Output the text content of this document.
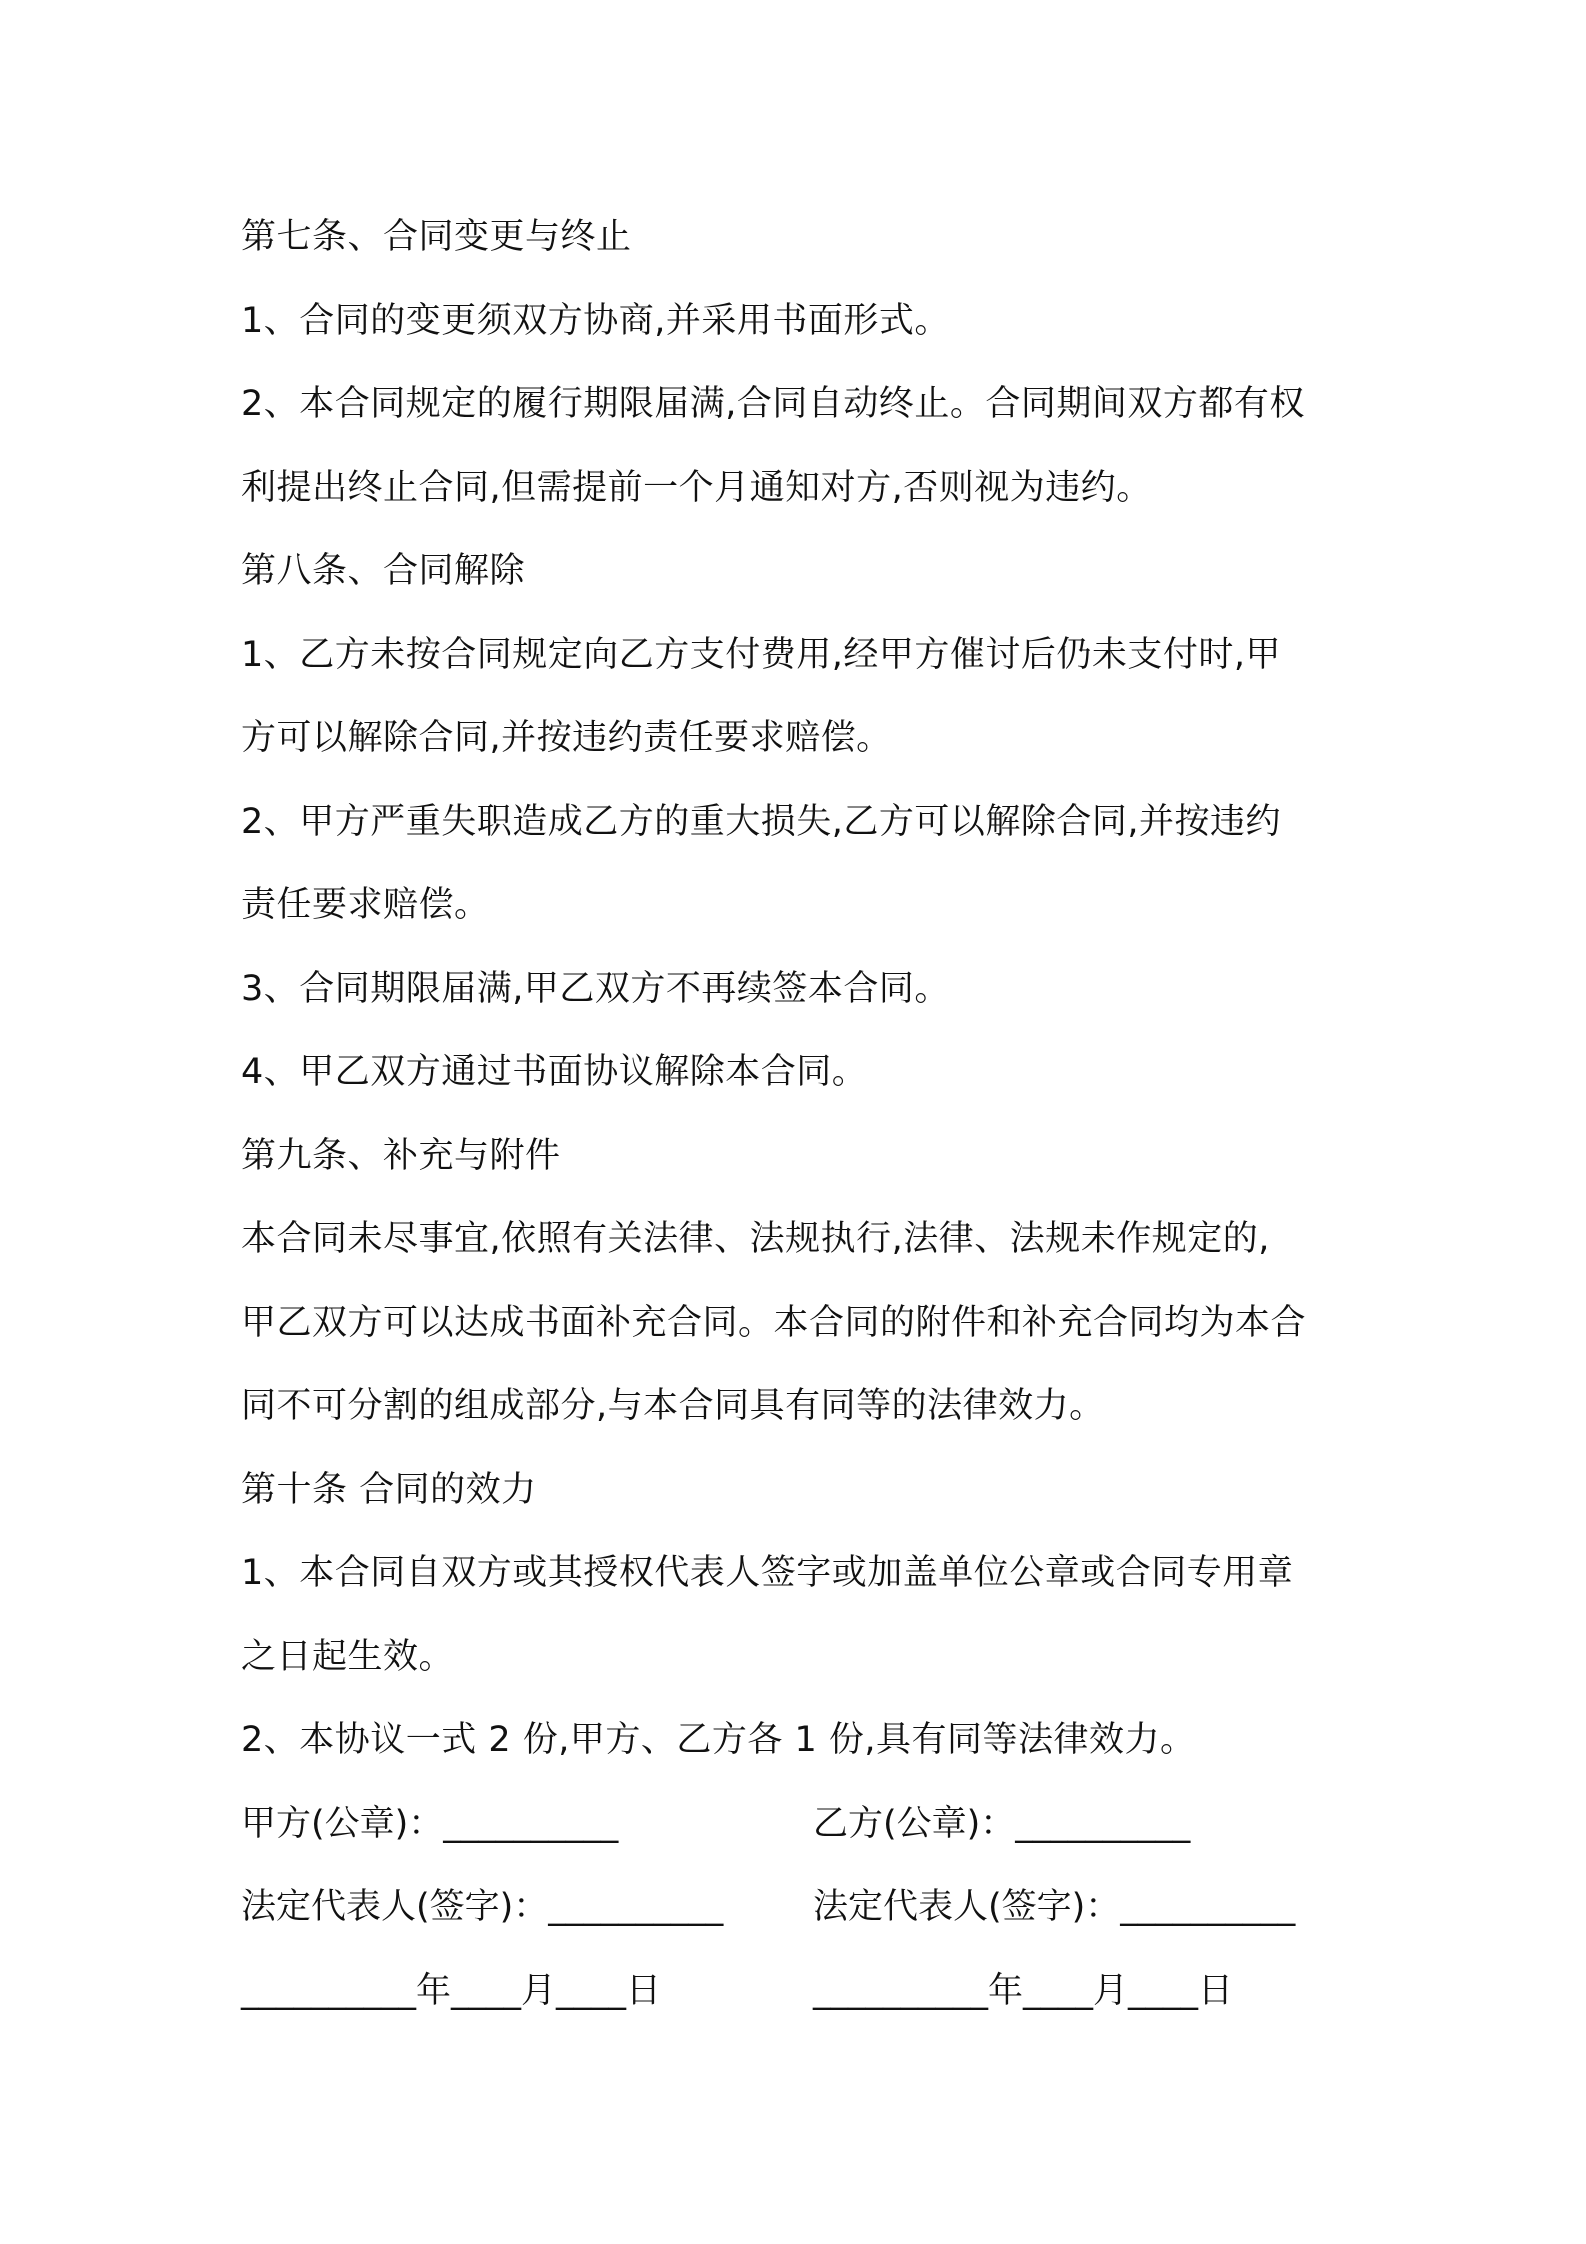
第七条、合同变更与终止
1、合同的变更须双方协商,并采用书面形式。
2、本合同规定的履行期限届满,合同自动终止。合同期间双方都有权
利提出终止合同,但需提前一个月通知对方,否则视为违约。
第八条、合同解除
1、乙方未按合同规定向乙方支付费用,经甲方催讨后仍未支付时,甲
方可以解除合同,并按违约责任要求赔偿。
2、甲方严重失职造成乙方的重大损失,乙方可以解除合同,并按违约
责任要求赔偿。
3、合同期限届满,甲乙双方不再续签本合同。
4、甲乙双方通过书面协议解除本合同。
第九条、补充与附件
本合同未尽事宜,依照有关法律、法规执行,法律、法规未作规定的,
甲乙双方可以达成书面补充合同。本合同的附件和补充合同均为本合
同不可分割的组成部分,与本合同具有同等的法律效力。
第十条 合同的效力
1、本合同自双方或其授权代表人签字或加盖单位公章或合同专用章
之日起生效。
2、本协议一式 2 份,甲方、乙方各 1 份,具有同等法律效力。
甲方(公章)：__________	乙方(公章)：__________
法定代表人(签字)：__________	法定代表人(签字)：__________
__________年____月____日	__________年____月____日
